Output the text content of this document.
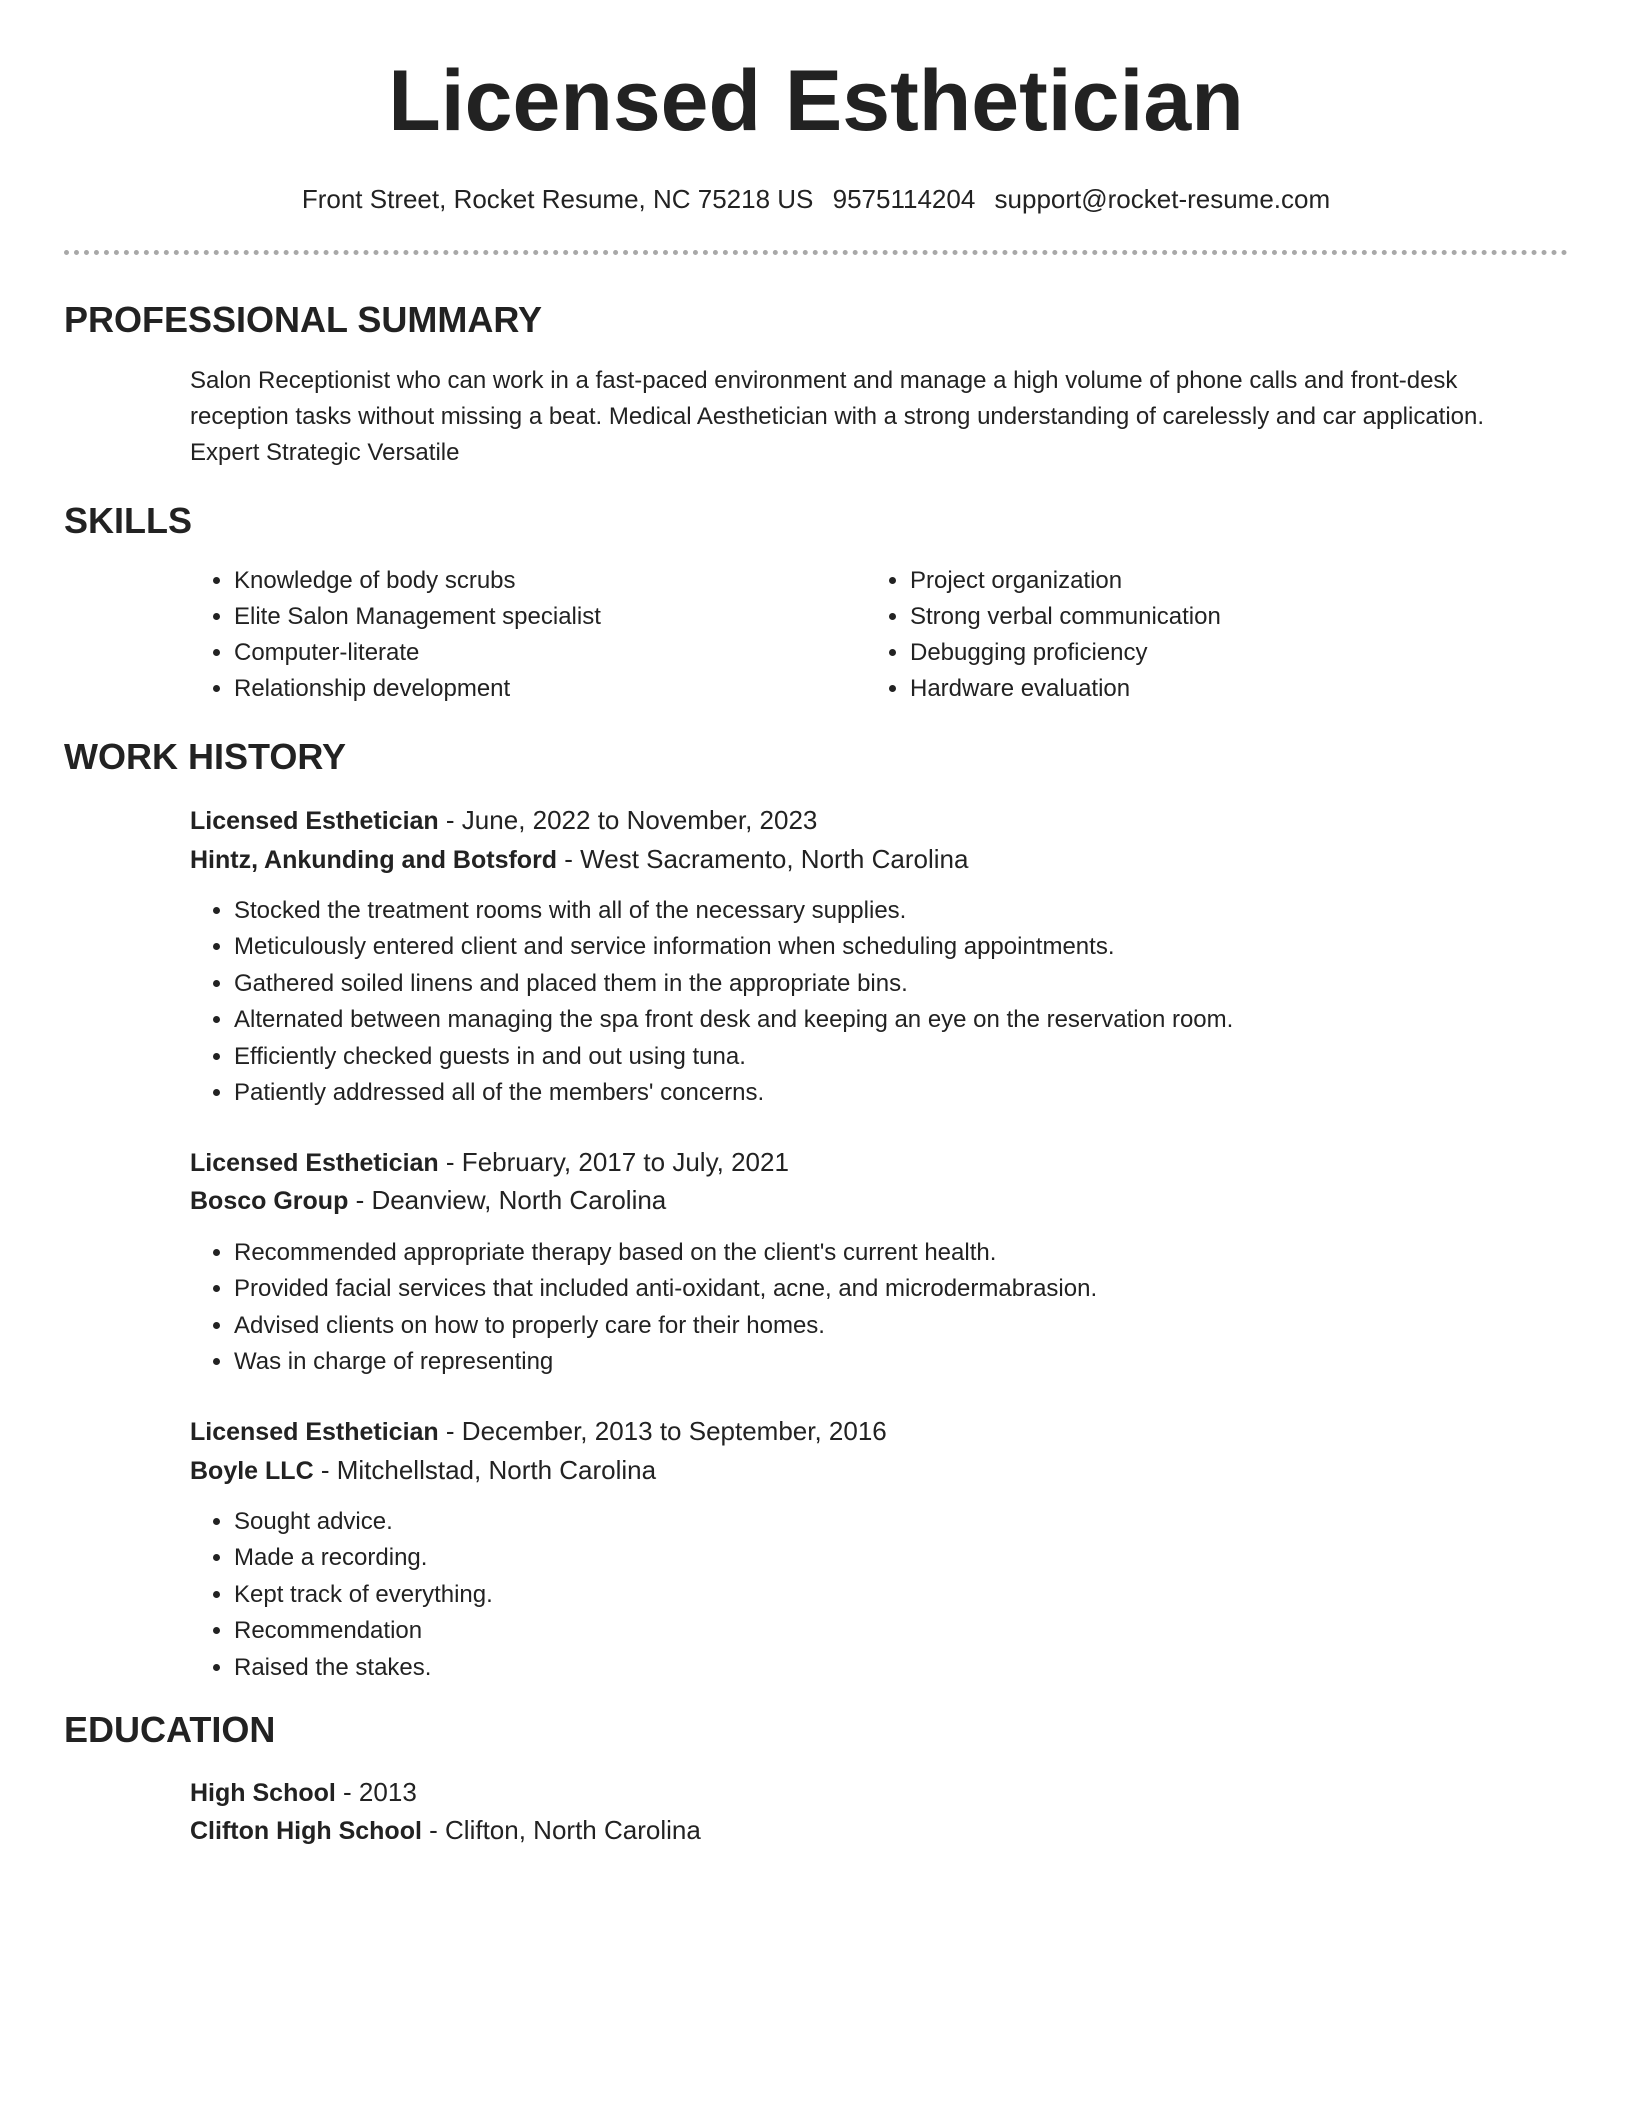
Licensed Esthetician
Front Street, Rocket Resume, NC 75218 US 9575114204 support@rocket-resume.com
PROFESSIONAL SUMMARY

Salon Receptionist who can work in a fast-paced environment and manage a high volume of phone calls and front-desk reception tasks without missing a beat. Medical Aesthetician with a strong understanding of carelessly and car application. Expert Strategic Versatile

SKILLS
• Knowledge of body scrubs
• Elite Salon Management specialist
• Computer-literate
• Relationship development
• Project organization
• Strong verbal communication
• Debugging proficiency
• Hardware evaluation
WORK HISTORY
Licensed Esthetician - June, 2022 to November, 2023
Hintz, Ankunding and Botsford - West Sacramento, North Carolina
• Stocked the treatment rooms with all of the necessary supplies.
• Meticulously entered client and service information when scheduling appointments.
• Gathered soiled linens and placed them in the appropriate bins.
• Alternated between managing the spa front desk and keeping an eye on the reservation room.
• Efficiently checked guests in and out using tuna.
• Patiently addressed all of the members' concerns.
Licensed Esthetician - February, 2017 to July, 2021
Bosco Group - Deanview, North Carolina
• Recommended appropriate therapy based on the client's current health.
• Provided facial services that included anti-oxidant, acne, and microdermabrasion.
• Advised clients on how to properly care for their homes.
• Was in charge of representing
Licensed Esthetician - December, 2013 to September, 2016
Boyle LLC - Mitchellstad, North Carolina
• Sought advice.
• Made a recording.
• Kept track of everything.
• Recommendation
• Raised the stakes.
EDUCATION
High School - 2013
Clifton High School - Clifton, North Carolina
